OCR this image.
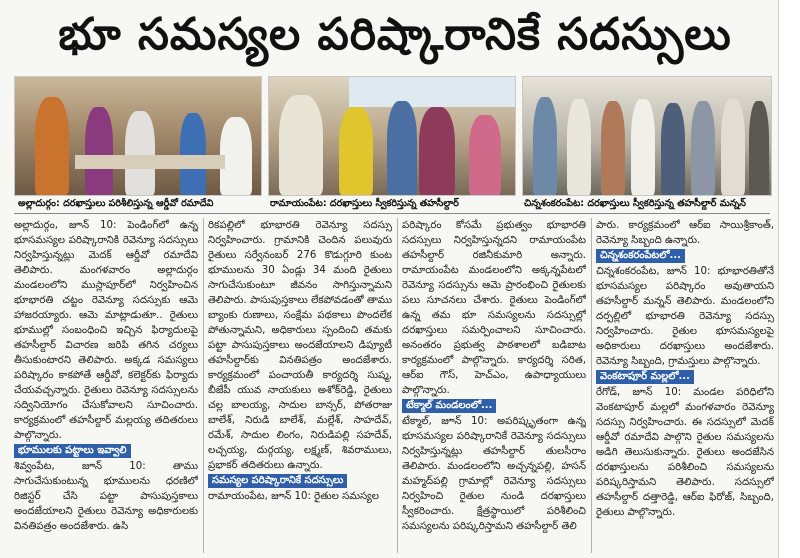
భూ సమస్యల పరిష్కారానికే సదస్సులు
అల్లాదుర్గం: దరఖాస్తులు పరిశీలిస్తున్న ఆర్డీవో రమాదేవి	రామాయంపేట: దరఖాస్తులు స్వీకరిస్తున్న తహసీల్దార్	చిన్నశంకరంపేట: దరఖాస్తులు స్వీకరిస్తున్న తహసీల్దార్ మన్నన్

అల్లాదుర్గం, జూన్ 10: పెండింగ్‌లో ఉన్న భూసమస్యల పరిష్కారానికి రెవెన్యూ సదస్సులు నిర్వహిస్తున్నట్లు మెదక్ ఆర్డీవో రమాదేవి తెలిపారు. మంగళవారం అల్లాదుర్గం మండలంలోని ముస్లాపూర్‌లో నిర్వహించిన భూభారతి చట్టం రెవెన్యూ సదస్సుకు ఆమె హాజరయ్యారు. ఆమె మాట్లాడుతూ.. రైతులు భూముల్లో సంబంధించి ఇచ్చిన ఫిర్యాదులపై తహసీల్దార్ విచారణ జరిపి తగిన చర్యలు తీసుకుంటారని తెలిపారు. అక్కడ సమస్యలు పరిష్కారం కాకపోతే ఆర్డీవో, కలెక్టర్‌కు ఫిర్యాదు చేయవచ్చన్నారు. రైతులు రెవెన్యూ సదస్సులను సద్వినియోగం చేసుకోవాలని సూచించారు. కార్యక్రమంలో తహసీల్దార్ మల్లయ్య తదితరులు పాల్గొన్నారు.

భూములకు పట్టాలు ఇవ్వాలి

శివ్వంపేట, జూన్ 10: తాము సాగుచేసుకుంటున్న భూములను ధరణిలో రిజిస్టర్ చేసి పట్టా పాసుపుస్తకాలు అందజేయాలని రైతులు రెవెన్యూ అధికారులకు వినతిపత్రం అందజేశారు. ఉసి

రికపల్లిలో భూభారతి రెవెన్యూ సదస్సు నిర్వహించారు. గ్రామానికి చెందిన పలువురు రైతులు సర్వేనంబర్ 276 కొడుగ్గూరి కుంట భూములను 30 ఏండ్లు 34 మంది రైతులు సాగుచేసుకుంటూ జీవనం సాగిస్తున్నామని తెలిపారు. పాసుపుస్తకాలు లేకపోవడంతో తాము బ్యాంకు రుణాలు, సంక్షేమ పథకాలు పొందలేక పోతున్నామని, అధికారులు స్పందించి తమకు పట్టా పాసుపుస్తకాలు అందజేయాలని డిప్యూటీ తహసీల్దార్‌కు వినతిపత్రం అందజేశారు. కార్యక్రమంలో పంచాయతీ కార్యదర్శి సుష్మ, బీజేపీ యువ నాయకులు అశోక్‌రెడ్డి, రైతులు చల్ల బాలయ్య, సాదుల బాన్సర్, పోతరాజు బాలేశ్, నిరుడి బాలేశ్, మల్లేశ్, సాహదేవ్, రమేశ్, సాదుల లింగం, నిరుడిపల్లి సహదేవ్, లచ్చయ్య, దుర్గయ్య, లక్ష్మణ్, శివరాములు, ప్రభాకర్ తదితరులు ఉన్నారు.

సమస్యల పరిష్కారానికే సదస్సులు

రామాయంపేట, జూన్ 10: రైతుల సమస్యల

పరిష్కారం కోసమే ప్రభుత్వం భూభారతి సదస్సులు నిర్వహిస్తున్నదని రామాయంపేట తహసీల్దార్ రజినీకుమారి అన్నారు. రామాయంపేట మండలంలోని అక్కన్నపేటలో రెవెన్యూ సదస్సును ఆమె ప్రారంభించి రైతులకు పలు సూచనలు చేశారు. రైతులు పెండింగ్‌లో ఉన్న తమ భూ సమస్యలను సదస్సుల్లో దరఖాస్తులు సమర్పించాలని సూచించారు. అనంతరం ప్రభుత్వ పాఠశాలలో బడిబాట కార్యక్రమంలో పాల్గొన్నారు. కార్యదర్శి సరిత, ఆర్ఐ గౌస్, హెచ్‌ఎం, ఉపాధ్యాయులు పాల్గొన్నారు.

టేక్మాల్ మండలంలో...

టేక్మాల్, జూన్ 10: అపరిష్కృతంగా ఉన్న భూసమస్యల పరిష్కారానికే రెవెన్యూ సదస్సులు నిర్వహిస్తున్నట్లు తహసీల్దార్ తులసీరాం తెలిపారు. మండలంలోని అచ్చన్నపల్లి, హసన్ మహ్మద్‌పల్లి గ్రామాల్లో రెవెన్యూ సదస్సులు నిర్వహించి రైతుల నుండి దరఖాస్తులు స్వీకరించారు. క్షేత్రస్థాయిలో పరిశీలించి సమస్యలను పరిష్కరిస్తామని తహసీల్దార్ తెలి

పారు. కార్యక్రమంలో ఆర్ఐ సాయిశ్రీకాంత్, రెవెన్యూ సిబ్బంది ఉన్నారు.

చిన్నశంకరంపేటలో...

చిన్నశంకరంపేట, జూన్ 10: భూభారతితోనే భూసమస్యల పరిష్కారం అవుతాయని తహసీల్దార్ మన్నన్ తెలిపారు. మండలంలోని దర్పల్లిలో భూభారతి రెవెన్యూ సదస్సు నిర్వహించారు. రైతుల భూసమస్యలపై అధికారులు దరఖాస్తులు అందజేశారు. రెవెన్యూ సిబ్బంది, గ్రామస్తులు పాల్గొన్నారు.

వెంకటాపూర్ మల్లలో...

రేగోడ్, జూన్ 10: మండల పరిధిలోని వెంకటాపూర్ మల్లలో మంగళవారం రెవెన్యూ సదస్సు నిర్వహించారు. ఈ సదస్సులో మెదక్ ఆర్డీవో రమాదేవి పాల్గొని రైతుల సమస్యలను అడిగి తెలుసుకున్నారు. రైతులు అందజేసిన దరఖాస్తులను పరిశీలించి సమస్యలను పరిష్కరిస్తామని తెలిపారు. సదస్సులో తహసీల్దార్ దత్తారెడ్డి, ఆర్ఐ ఫిరోజ్, సిబ్బంది, రైతులు పాల్గొన్నారు.
